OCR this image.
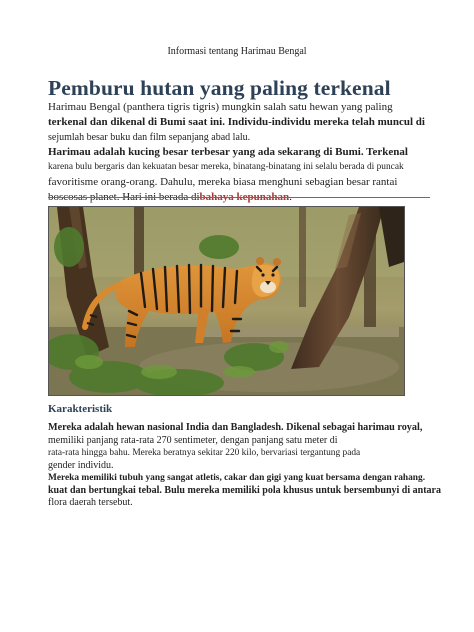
Informasi tentang Harimau Bengal
Pemburu hutan yang paling terkenal
Harimau Bengal (panthera tigris tigris) mungkin salah satu hewan yang paling
terkenal dan dikenal di Bumi saat ini. Individu-individu mereka telah muncul di
sejumlah besar buku dan film sepanjang abad lalu.
Harimau adalah kucing besar terbesar yang ada sekarang di Bumi. Terkenal
karena bulu bergaris dan kekuatan besar mereka, binatang-binatang ini selalu berada di puncak
favoritisme orang-orang. Dahulu, mereka biasa menghuni sebagian besar rantai
boscosas planet. Hari ini berada dibahaya kepunahan.
Karakteristik
Mereka adalah hewan nasional India dan Bangladesh. Dikenal sebagai harimau royal,
memiliki panjang rata-rata 270 sentimeter, dengan panjang satu meter di
rata-rata hingga bahu. Mereka beratnya sekitar 220 kilo, bervariasi tergantung pada
gender individu.
Mereka memiliki tubuh yang sangat atletis, cakar dan gigi yang kuat bersama dengan rahang.
kuat dan bertungkai tebal. Bulu mereka memiliki pola khusus untuk bersembunyi di antara
flora daerah tersebut.
